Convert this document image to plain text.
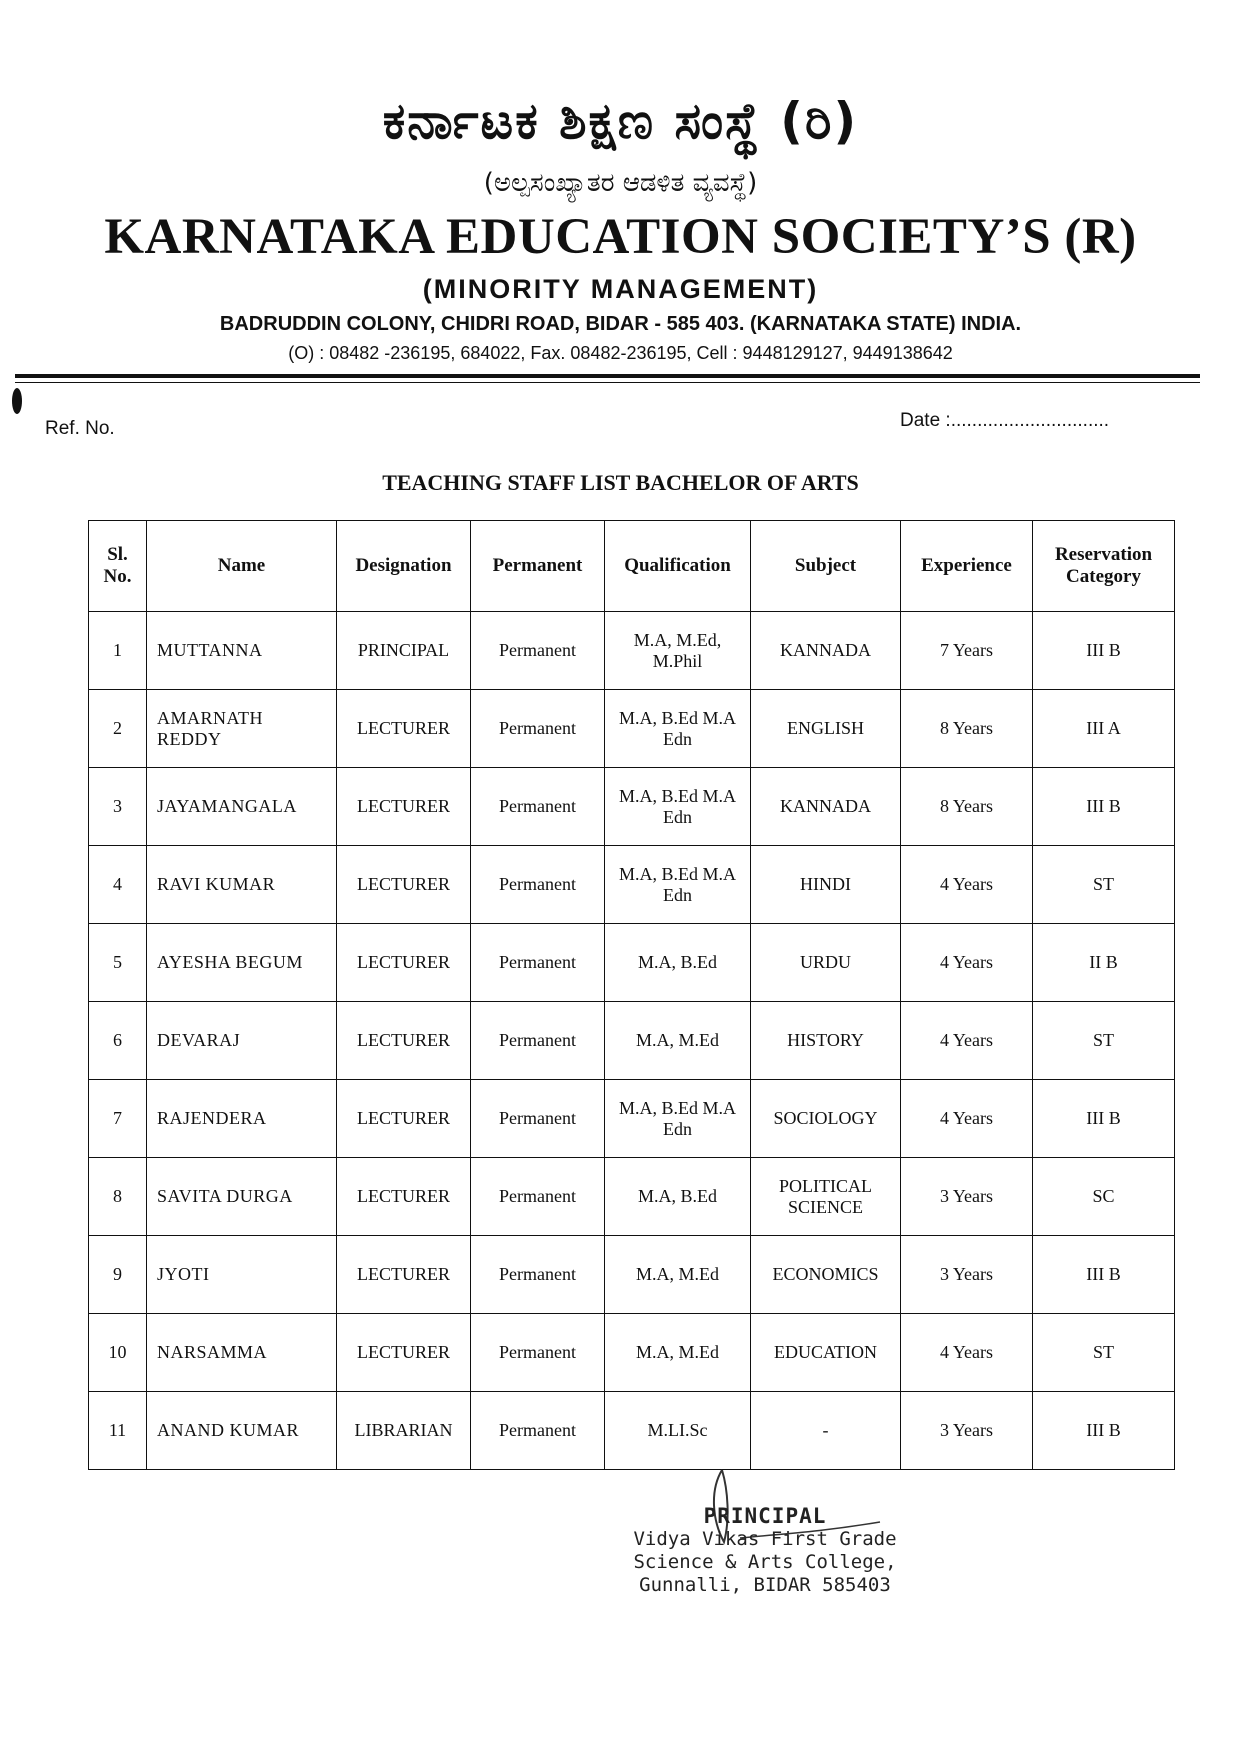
ಕರ್ನಾಟಕ ಶಿಕ್ಷಣ ಸಂಸ್ಥೆ (ರಿ)
(ಅಲ್ಪಸಂಖ್ಯಾತರ ಆಡಳಿತ ವ್ಯವಸ್ಥೆ)
KARNATAKA EDUCATION SOCIETY’S (R)
(MINORITY MANAGEMENT)
BADRUDDIN COLONY, CHIDRI ROAD, BIDAR - 585 403. (KARNATAKA STATE) INDIA.
(O) : 08482 -236195, 684022, Fax. 08482-236195, Cell : 9448129127, 9449138642
Ref. No.	Date :..............................
TEACHING STAFF LIST BACHELOR OF ARTS
Sl. No.	Name	Designation	Permanent	Qualification	Subject	Experience	Reservation Category
1	MUTTANNA	PRINCIPAL	Permanent	M.A, M.Ed, M.Phil	KANNADA	7 Years	III B
2	AMARNATH REDDY	LECTURER	Permanent	M.A, B.Ed M.A Edn	ENGLISH	8 Years	III A
3	JAYAMANGALA	LECTURER	Permanent	M.A, B.Ed M.A Edn	KANNADA	8 Years	III B
4	RAVI KUMAR	LECTURER	Permanent	M.A, B.Ed M.A Edn	HINDI	4 Years	ST
5	AYESHA BEGUM	LECTURER	Permanent	M.A, B.Ed	URDU	4 Years	II B
6	DEVARAJ	LECTURER	Permanent	M.A, M.Ed	HISTORY	4 Years	ST
7	RAJENDERA	LECTURER	Permanent	M.A, B.Ed M.A Edn	SOCIOLOGY	4 Years	III B
8	SAVITA DURGA	LECTURER	Permanent	M.A, B.Ed	POLITICAL SCIENCE	3 Years	SC
9	JYOTI	LECTURER	Permanent	M.A, M.Ed	ECONOMICS	3 Years	III B
10	NARSAMMA	LECTURER	Permanent	M.A, M.Ed	EDUCATION	4 Years	ST
11	ANAND KUMAR	LIBRARIAN	Permanent	M.LI.Sc	-	3 Years	III B
PRINCIPAL
Vidya Vikas First Grade
Science & Arts College,
Gunnalli, BIDAR 585403
